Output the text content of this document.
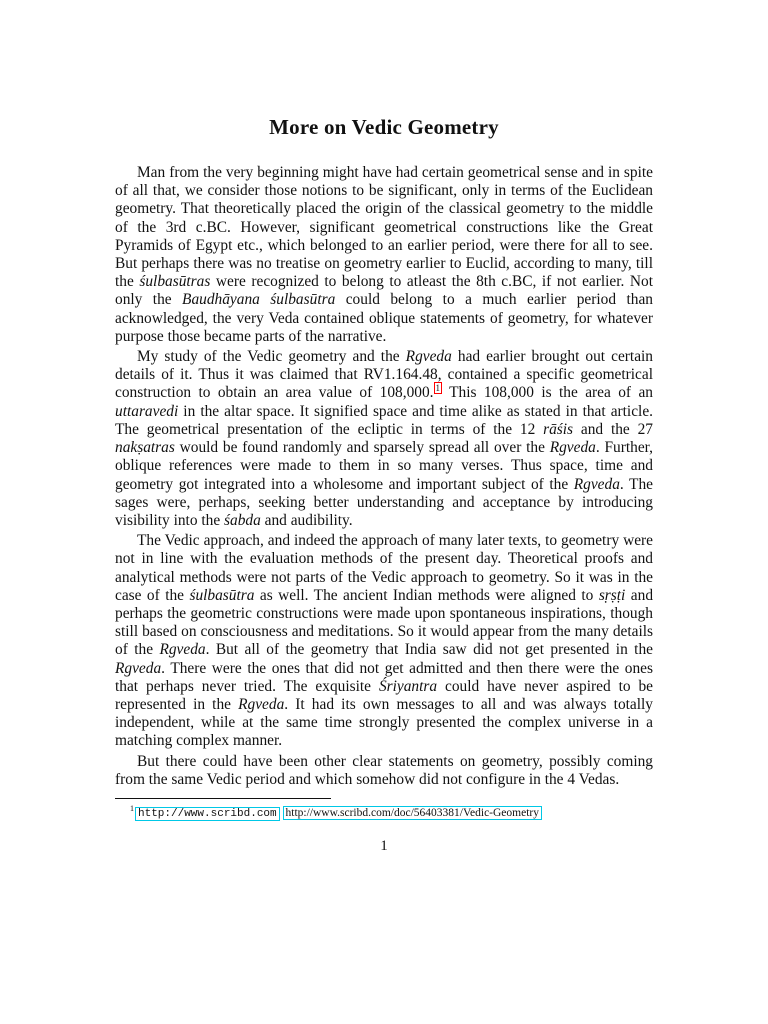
More on Vedic Geometry

Man from the very beginning might have had certain geometrical sense and in spite of all that, we consider those notions to be significant, only in terms of the Euclidean geometry. That theoretically placed the origin of the classical geometry to the middle of the 3rd c.BC. However, significant geometrical constructions like the Great Pyramids of Egypt etc., which belonged to an earlier period, were there for all to see. But perhaps there was no treatise on geometry earlier to Euclid, according to many, till the śulbasūtras were recognized to belong to atleast the 8th c.BC, if not earlier. Not only the Baudhāyana śulbasūtra could belong to a much earlier period than acknowledged, the very Veda contained oblique statements of geometry, for whatever purpose those became parts of the narrative.

My study of the Vedic geometry and the Rgveda had earlier brought out certain details of it. Thus it was claimed that RV1.164.48, contained a specific geometrical construction to obtain an area value of 108,000. $^1$ This 108,000 is the area of an uttaravedi in the altar space. It signified space and time alike as stated in that article. The geometrical presentation of the ecliptic in terms of the 12 rāśis and the 27 nakṣatras would be found randomly and sparsely spread all over the Rgveda. Further, oblique references were made to them in so many verses. Thus space, time and geometry got integrated into a wholesome and important subject of the Rgveda. The sages were, perhaps, seeking better understanding and acceptance by introducing visibility into the śabda and audibility.

The Vedic approach, and indeed the approach of many later texts, to geometry were not in line with the evaluation methods of the present day. Theoretical proofs and analytical methods were not parts of the Vedic approach to geometry. So it was in the case of the śulbasūtra as well. The ancient Indian methods were aligned to sṛṣṭi and perhaps the geometric constructions were made upon spontaneous inspirations, though still based on consciousness and meditations. So it would appear from the many details of the Rgveda. But all of the geometry that India saw did not get presented in the Rgveda. There were the ones that did not get admitted and then there were the ones that perhaps never tried. The exquisite Śriyantra could have never aspired to be represented in the Rgveda. It had its own messages to all and was always totally independent, while at the same time strongly presented the complex universe in a matching complex manner.

But there could have been other clear statements on geometry, possibly coming from the same Vedic period and which somehow did not configure in the 4 Vedas.

$^1$ http://www.scribd.com http://www.scribd.com/doc/56403381/Vedic-Geometry
1
